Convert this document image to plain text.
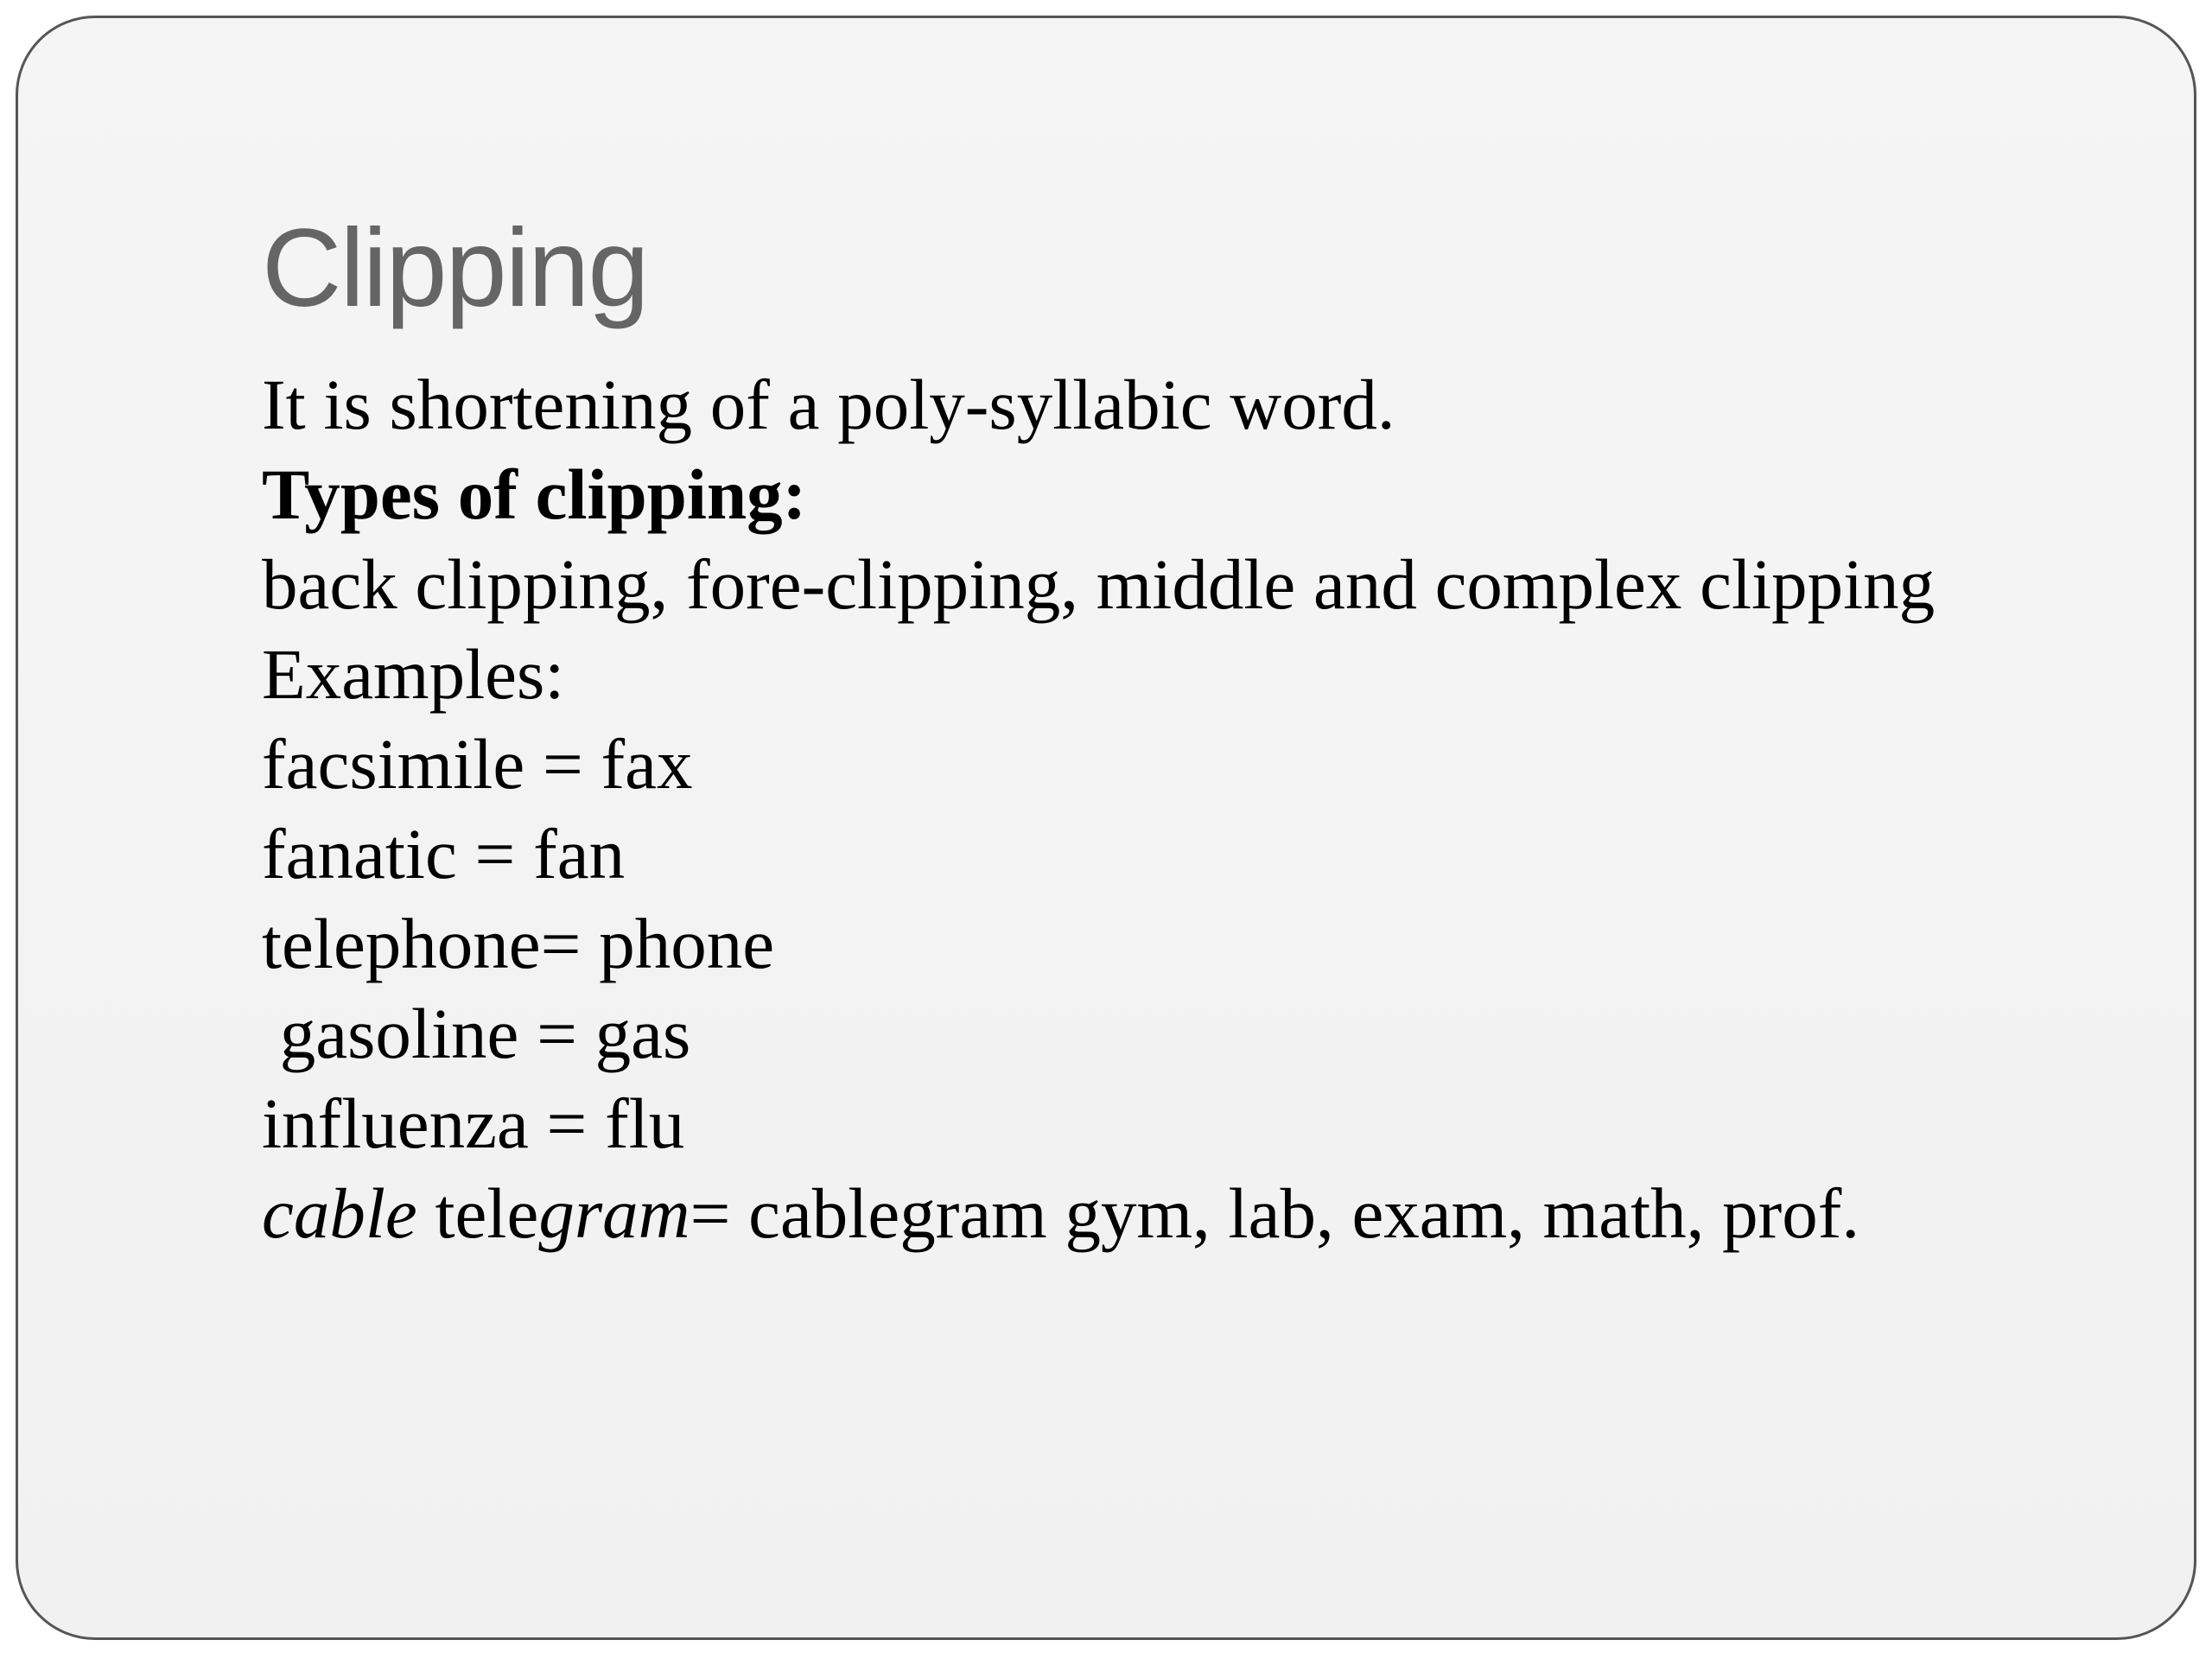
Clipping
It is shortening of a poly-syllabic word.
Types of clipping:
back clipping, fore-clipping, middle and complex clipping
Examples:
facsimile = fax
fanatic = fan
telephone= phone
gasoline = gas
influenza = flu
cable telegram= cablegram gym, lab, exam, math, prof.
